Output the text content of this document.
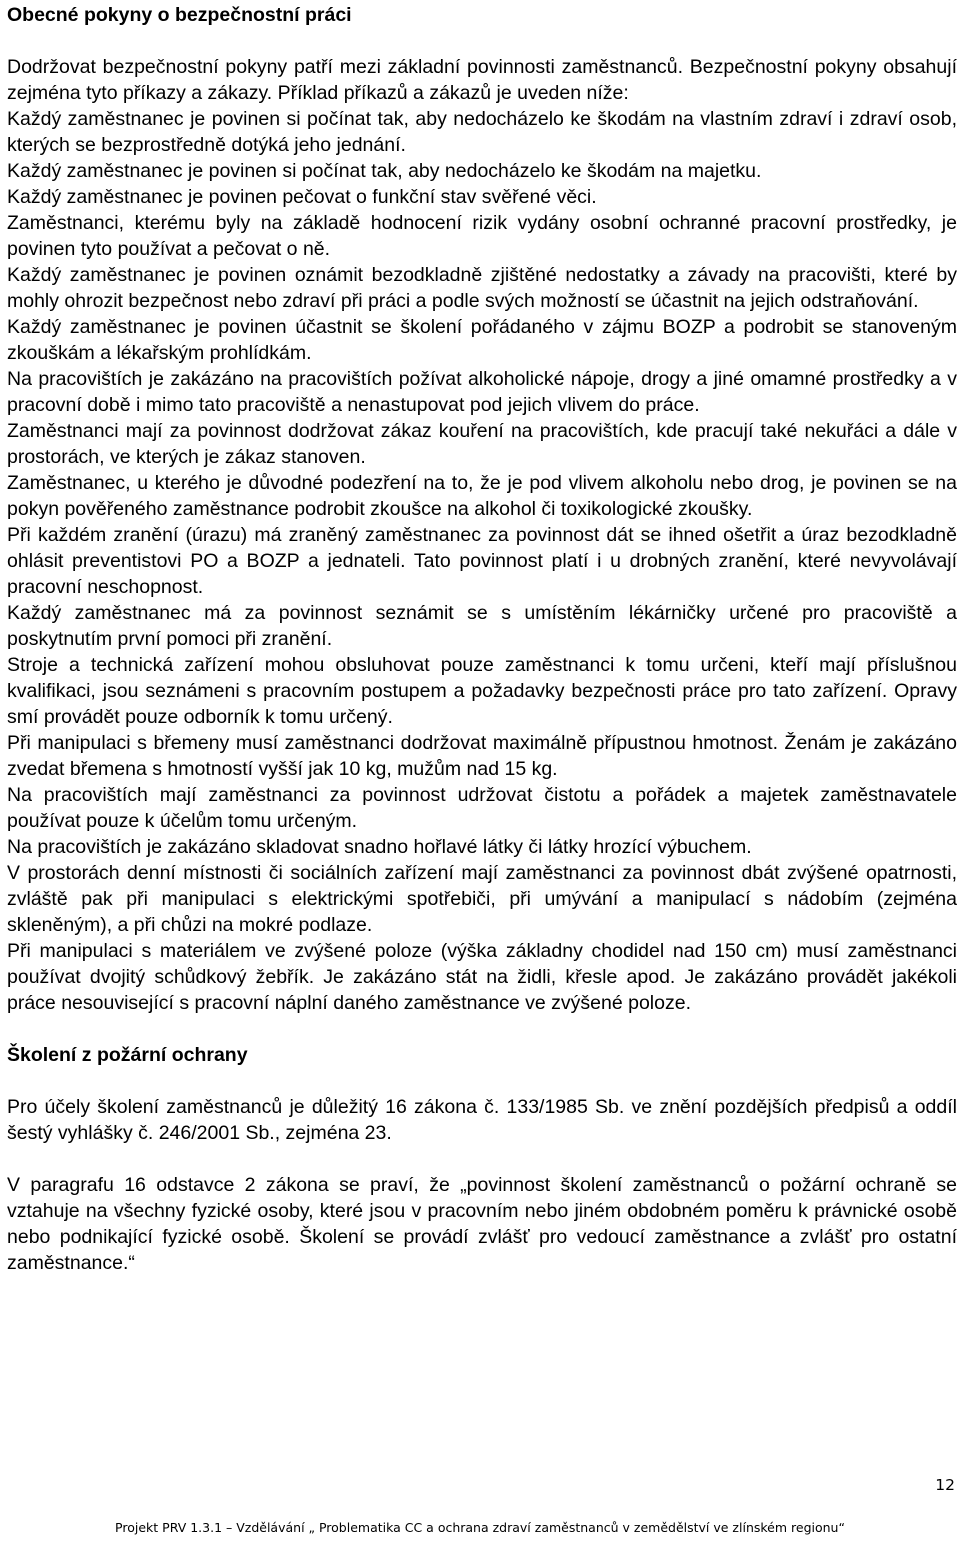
Obecné pokyny o bezpečnostní práci

Dodržovat bezpečnostní pokyny patří mezi základní povinnosti zaměstnanců. Bezpečnostní pokyny obsahují zejména tyto příkazy a zákazy. Příklad příkazů a zákazů je uveden níže:

Každý zaměstnanec je povinen si počínat tak, aby nedocházelo ke škodám na vlastním zdraví i zdraví osob, kterých se bezprostředně dotýká jeho jednání.

Každý zaměstnanec je povinen si počínat tak, aby nedocházelo ke škodám na majetku.

Každý zaměstnanec je povinen pečovat o funkční stav svěřené věci.

Zaměstnanci, kterému byly na základě hodnocení rizik vydány osobní ochranné pracovní prostředky, je povinen tyto používat a pečovat o ně.

Každý zaměstnanec je povinen oznámit bezodkladně zjištěné nedostatky a závady na pracovišti, které by mohly ohrozit bezpečnost nebo zdraví při práci a podle svých možností se účastnit na jejich odstraňování.

Každý zaměstnanec je povinen účastnit se školení pořádaného v zájmu BOZP a podrobit se stanoveným zkouškám a lékařským prohlídkám.

Na pracovištích je zakázáno na pracovištích požívat alkoholické nápoje, drogy a jiné omamné prostředky a v pracovní době i mimo tato pracoviště a nenastupovat pod jejich vlivem do práce.

Zaměstnanci mají za povinnost dodržovat zákaz kouření na pracovištích, kde pracují také nekuřáci a dále v prostorách, ve kterých je zákaz stanoven.

Zaměstnanec, u kterého je důvodné podezření na to, že je pod vlivem alkoholu nebo drog, je povinen se na pokyn pověřeného zaměstnance podrobit zkoušce na alkohol či toxikologické zkoušky.

Při každém zranění (úrazu) má zraněný zaměstnanec za povinnost dát se ihned ošetřit a úraz bezodkladně ohlásit preventistovi PO a BOZP a jednateli. Tato povinnost platí i u drobných zranění, které nevyvolávají pracovní neschopnost.

Každý zaměstnanec má za povinnost seznámit se s umístěním lékárničky určené pro pracoviště a poskytnutím první pomoci při zranění.

Stroje a technická zařízení mohou obsluhovat pouze zaměstnanci k tomu určeni, kteří mají příslušnou kvalifikaci, jsou seznámeni s pracovním postupem a požadavky bezpečnosti práce pro tato zařízení. Opravy smí provádět pouze odborník k tomu určený.

Při manipulaci s břemeny musí zaměstnanci dodržovat maximálně přípustnou hmotnost. Ženám je zakázáno zvedat břemena s hmotností vyšší jak 10 kg, mužům nad 15 kg.

Na pracovištích mají zaměstnanci za povinnost udržovat čistotu a pořádek a majetek zaměstnavatele používat pouze k účelům tomu určeným.

Na pracovištích je zakázáno skladovat snadno hořlavé látky či látky hrozící výbuchem.

V prostorách denní místnosti či sociálních zařízení mají zaměstnanci za povinnost dbát zvýšené opatrnosti, zvláště pak při manipulaci s elektrickými spotřebiči, při umývání a manipulací s nádobím (zejména skleněným), a při chůzi na mokré podlaze.

Při manipulaci s materiálem ve zvýšené poloze (výška základny chodidel nad 150 cm) musí zaměstnanci používat dvojitý schůdkový žebřík. Je zakázáno stát na židli, křesle apod. Je zakázáno provádět jakékoli práce nesouvisející s pracovní náplní daného zaměstnance ve zvýšené poloze.

Školení z požární ochrany

Pro účely školení zaměstnanců je důležitý 16 zákona č. 133/1985 Sb. ve znění pozdějších předpisů a oddíl šestý vyhlášky č. 246/2001 Sb., zejména 23.

V paragrafu 16 odstavce 2 zákona se praví, že „povinnost školení zaměstnanců o požární ochraně se vztahuje na všechny fyzické osoby, které jsou v pracovním nebo jiném obdobném poměru k právnické osobě nebo podnikající fyzické osobě. Školení se provádí zvlášť pro vedoucí zaměstnance a zvlášť pro ostatní zaměstnance.“

12
Projekt PRV 1.3.1 – Vzdělávání „ Problematika CC a ochrana zdraví zaměstnanců v zemědělství ve zlínském regionu“
